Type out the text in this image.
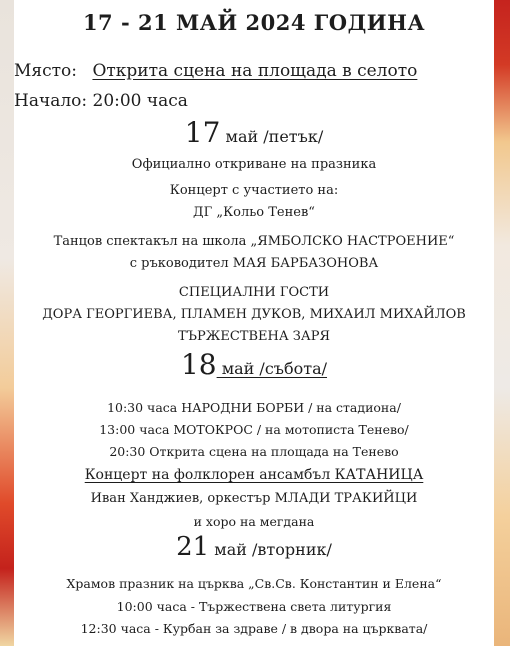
17 - 21 МАЙ 2024 ГОДИНА
Място: Открита сцена на площада в селото
Начало: 20:00 часа
17 май /петък/
Официално откриване на празника
Концерт с участието на:
ДГ „Кольо Тенев“
Танцов спектакъл на школа „ЯМБОЛСКО НАСТРОЕНИЕ“
с ръководител МАЯ БАРБАЗОНОВА
СПЕЦИАЛНИ ГОСТИ
ДОРА ГЕОРГИЕВА, ПЛАМЕН ДУКОВ, МИХАИЛ МИХАЙЛОВ
ТЪРЖЕСТВЕНА ЗАРЯ
18 май /събота/
10:30 часа НАРОДНИ БОРБИ / на стадиона/
13:00 часа МОТОКРОС / на мотописта Тенево/
20:30 Открита сцена на площада на Тенево
Концерт на фолклорен ансамбъл КАТАНИЦА
Иван Ханджиев, оркестър МЛАДИ ТРАКИЙЦИ
и хоро на мегдана
21 май /вторник/
Храмов празник на църква „Св.Св. Константин и Елена“
10:00 часа - Тържествена света литургия
12:30 часа - Курбан за здраве / в двора на църквата/
